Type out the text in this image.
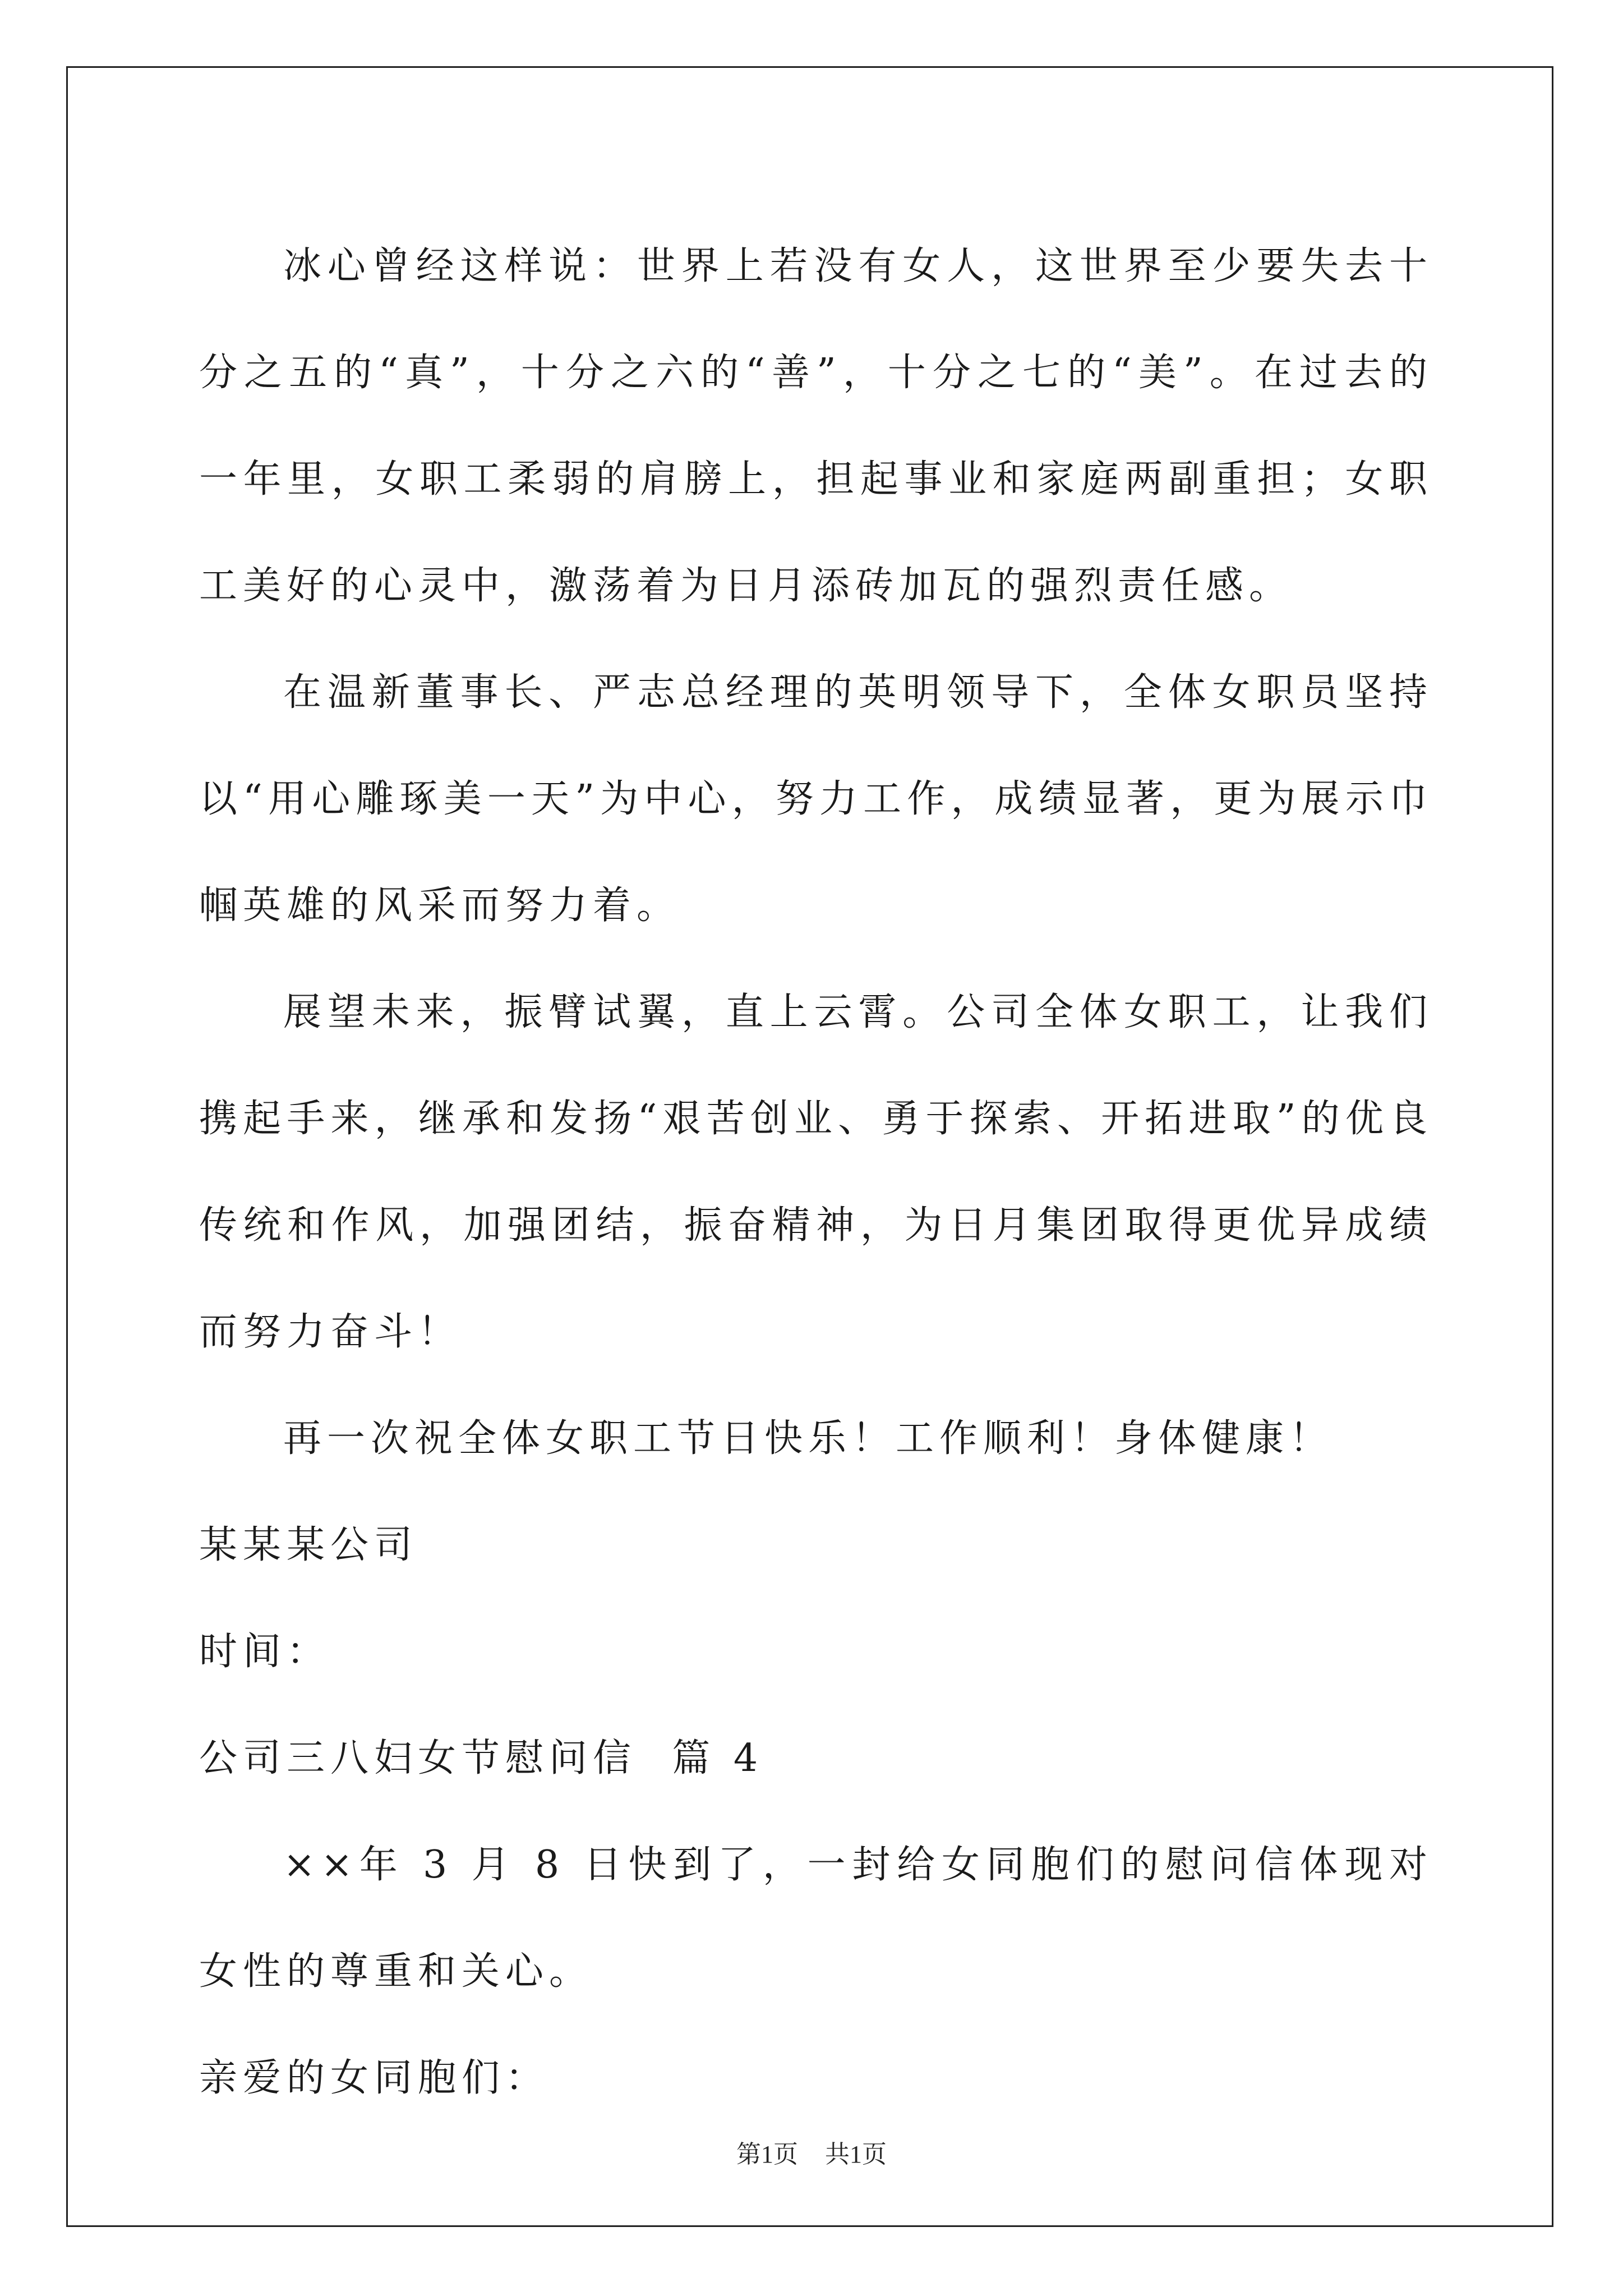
冰心曾经这样说：世界上若没有女人，这世界至少要失去十分之五的“真”，十分之六的“善”，十分之七的“美”。在过去的一年里，女职工柔弱的肩膀上，担起事业和家庭两副重担；女职工美好的心灵中，激荡着为日月添砖加瓦的强烈责任感。

在温新董事长、严志总经理的英明领导下，全体女职员坚持以“用心雕琢美一天”为中心，努力工作，成绩显著，更为展示巾帼英雄的风采而努力着。

展望未来，振臂试翼，直上云霄。公司全体女职工，让我们携起手来，继承和发扬“艰苦创业、勇于探索、开拓进取”的优良传统和作风，加强团结，振奋精神，为日月集团取得更优异成绩而努力奋斗！

再一次祝全体女职工节日快乐！工作顺利！身体健康！

某某某公司

时间：

公司三八妇女节慰问信  篇 4

××年 3 月 8 日快到了，一封给女同胞们的慰问信体现对女性的尊重和关心。

亲爱的女同胞们：

第1页 共1页
